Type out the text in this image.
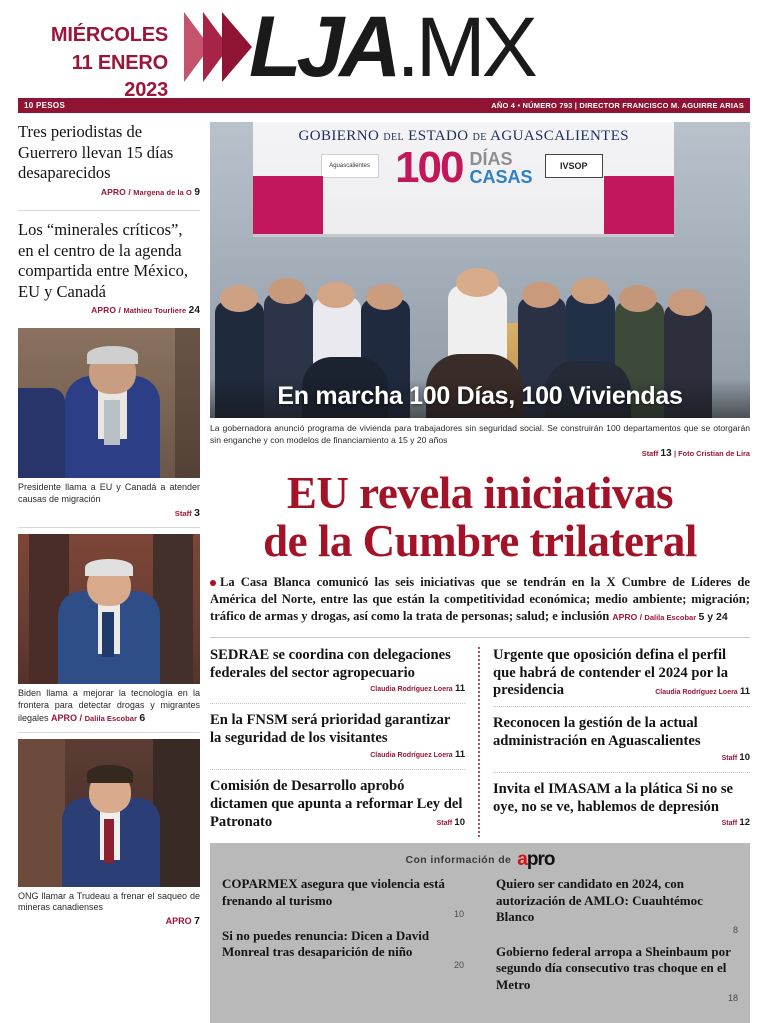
MIÉRCOLES
11 ENERO
2023 LJA .MX
10 PESOS	AÑO 4 • NÚMERO 793 | DIRECTOR FRANCISCO M. AGUIRRE ARIAS
Tres periodistas de Guerrero llevan 15 días desaparecidos
APRO / Margena de la O 9
Los “minerales críticos”, en el centro de la agenda compartida entre México, EU y Canadá
APRO / Mathieu Tourliere 24
Presidente llama a EU y Canadá a atender causas de migración
Staff 3
Biden llama a mejorar la tecnología en la frontera para detectar drogas y migrantes ilegales APRO / Dalila Escobar 6
ONG llamar a Trudeau a frenar el saqueo de mineras canadienses
APRO 7
GOBIERNO DEL ESTADO DE AGUASCALIENTES
100 DÍAS
CASAS
Aguascalientes	IVSOP
En marcha 100 Días, 100 Viviendas
La gobernadora anunció programa de vivienda para trabajadores sin seguridad social. Se construirán 100 departamentos que se otorgarán sin enganche y con modelos de financiamiento a 15 y 20 años
Staff 13 | Foto Cristian de Lira
EU revela iniciativas
de la Cumbre trilateral
La Casa Blanca comunicó las seis iniciativas que se tendrán en la X Cumbre de Líderes de América del Norte, entre las que están la competitividad económica; medio ambiente; migración; tráfico de armas y drogas, así como la trata de personas; salud; e inclusión APRO / Dalila Escobar 5 y 24
SEDRAE se coordina con delegaciones federales del sector agropecuario
Claudia Rodríguez Loera 11
En la FNSM será prioridad garantizar la seguridad de los visitantes
Claudia Rodríguez Loera 11
Comisión de Desarrollo aprobó dictamen que apunta a reformar Ley del Patronato	Staff 10
Urgente que oposición defina el perfil que habrá de contender el 2024 por la presidencia	Claudia Rodríguez Loera 11
Reconocen la gestión de la actual administración en Aguascalientes
Staff 10
Invita el IMASAM a la plática Si no se oye, no se ve, hablemos de depresión
Staff 12
Con información de apro
COPARMEX asegura que violencia está frenando al turismo
10
Si no puedes renuncia: Dicen a David Monreal tras desaparición de niño
20
Quiero ser candidato en 2024, con autorización de AMLO: Cuauhtémoc Blanco
8
Gobierno federal arropa a Sheinbaum por segundo día consecutivo tras choque en el Metro
18
